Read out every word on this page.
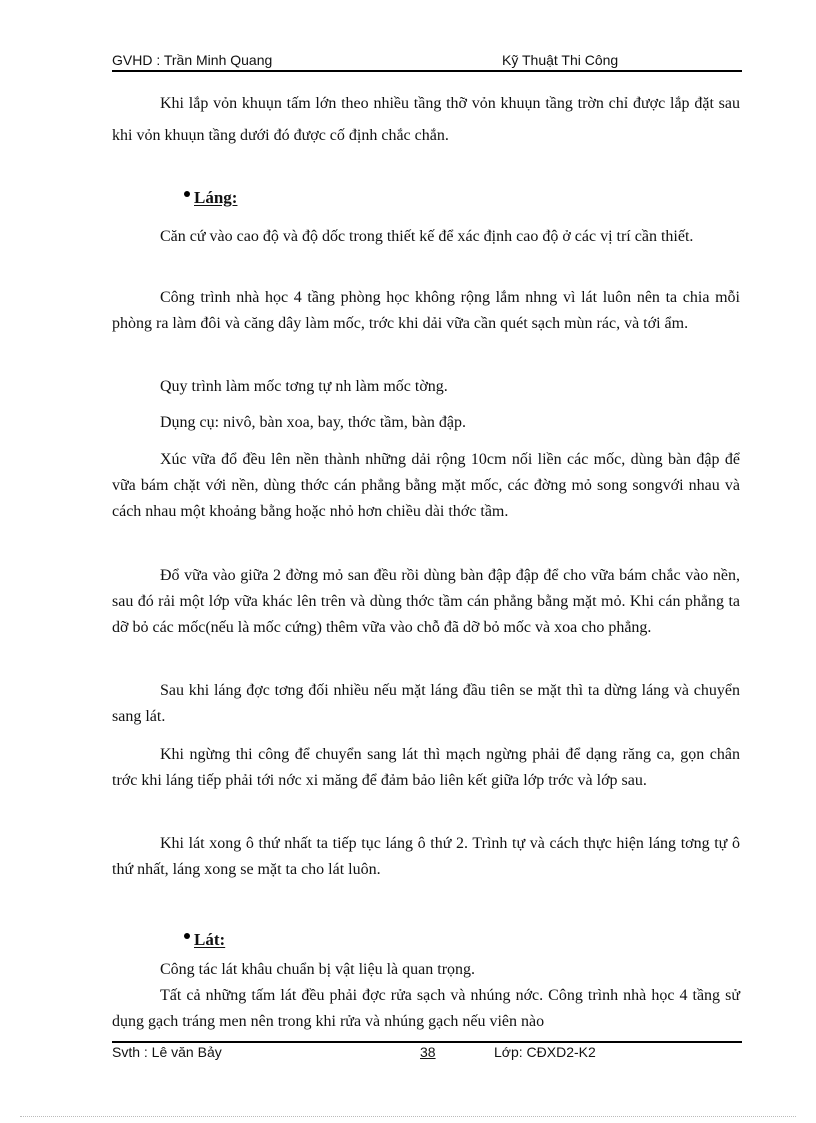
GVHD : Trần Minh Quang	Kỹ Thuật Thi Công

Khi lắp vỏn khuụn tấm lớn theo nhiều tầng thỡ vỏn khuụn tầng trờn chỉ được lắp đặt sau khi vỏn khuụn tầng dưới đó được cố định chắc chắn.

Láng:

Căn cứ vào cao độ và độ dốc trong thiết kế để xác định cao độ ở các vị trí cần thiết.

Công trình nhà học 4 tầng phòng học không rộng lắm nhng vì lát luôn nên ta chia mỗi phòng ra làm đôi và căng dây làm mốc, trớc khi dải vữa cần quét sạch mùn rác, và tới ẩm.

Quy trình làm mốc tơng tự nh làm mốc tờng.

Dụng cụ: nivô, bàn xoa, bay, thớc tầm, bàn đập.

Xúc vữa đổ đều lên nền thành những dải rộng 10cm nối liền các mốc, dùng bàn đập để vữa bám chặt với nền, dùng thớc cán phẳng bằng mặt mốc, các đờng mỏ song songvới nhau và cách nhau một khoảng bằng hoặc nhỏ hơn chiều dài thớc tầm.

Đổ vữa vào giữa 2 đờng mỏ san đều rồi dùng bàn đập đập để cho vữa bám chắc vào nền, sau đó rải một lớp vữa khác lên trên và dùng thớc tầm cán phẳng bằng mặt mỏ. Khi cán phẳng ta dỡ bỏ các mốc(nếu là mốc cứng) thêm vữa vào chỗ đã dỡ bỏ mốc và xoa cho phẳng.

Sau khi láng đợc tơng đối nhiều nếu mặt láng đầu tiên se mặt thì ta dừng láng và chuyển sang lát.

Khi ngừng thi công để chuyển sang lát thì mạch ngừng phải để dạng răng ca, gọn chân trớc khi láng tiếp phải tới nớc xi măng để đảm bảo liên kết giữa lớp trớc và lớp sau.

Khi lát xong ô thứ nhất ta tiếp tục láng ô thứ 2. Trình tự và cách thực hiện láng tơng tự ô thứ nhất, láng xong se mặt ta cho lát luôn.

Lát:

Công tác lát khâu chuẩn bị vật liệu là quan trọng.

Tất cả những tấm lát đều phải đợc rửa sạch và nhúng nớc. Công trình nhà học 4 tầng sử dụng gạch tráng men nên trong khi rửa và nhúng gạch nếu viên nào

Svth : Lê văn Bảy	38	Lớp: CĐXD2-K2
